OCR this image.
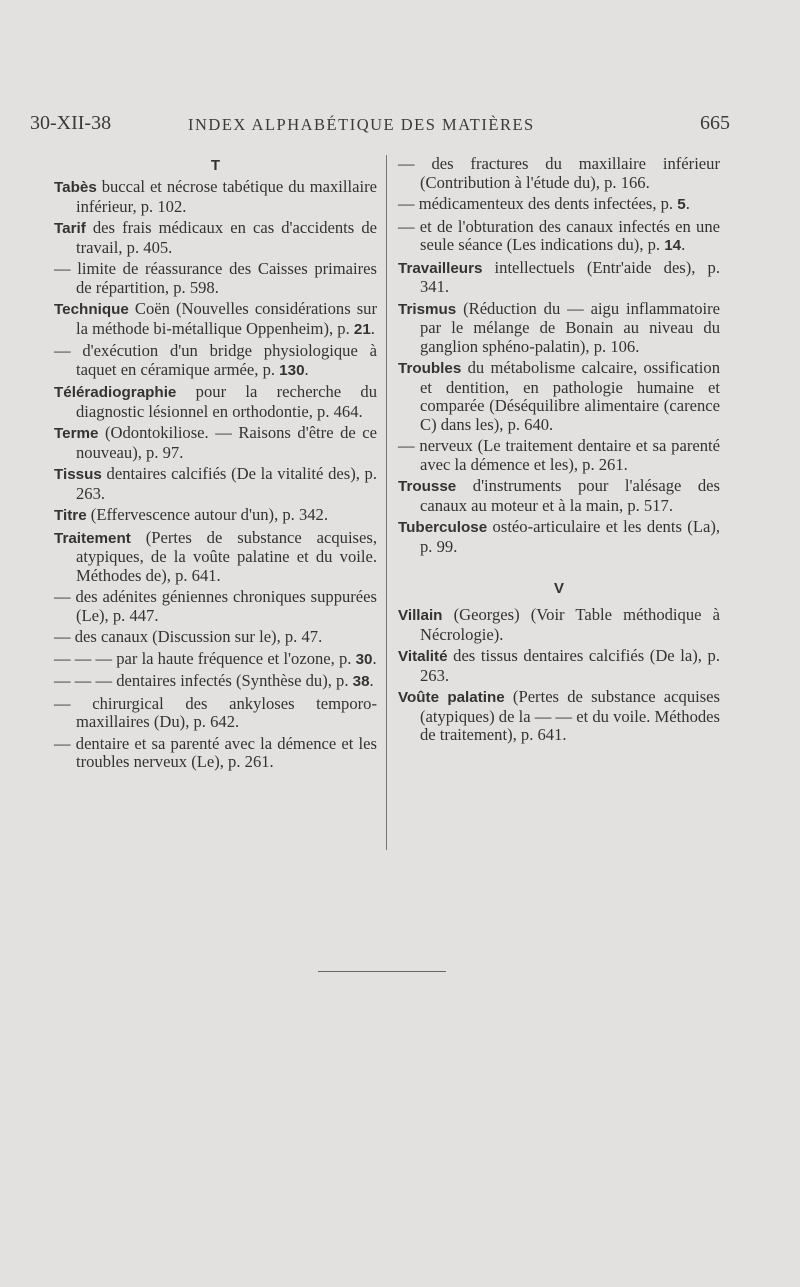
30-XII-38	INDEX ALPHABÉTIQUE DES MATIÈRES	665
T

Tabès buccal et nécrose tabétique du maxillaire inférieur, p. 102.

Tarif des frais médicaux en cas d'accidents de travail, p. 405.

— limite de réassurance des Caisses primaires de répartition, p. 598.

Technique Coën (Nouvelles considérations sur la méthode bi-métallique Oppenheim), p. 21.

— d'exécution d'un bridge physiologique à taquet en céramique armée, p. 130.

Téléradiographie pour la recherche du diagnostic lésionnel en orthodontie, p. 464.

Terme (Odontokiliose. — Raisons d'être de ce nouveau), p. 97.

Tissus dentaires calcifiés (De la vitalité des), p. 263.

Titre (Effervescence autour d'un), p. 342.

Traitement (Pertes de substance acquises, atypiques, de la voûte palatine et du voile. Méthodes de), p. 641.

— des adénites géniennes chroniques suppurées (Le), p. 447.

— des canaux (Discussion sur le), p. 47.

— — — par la haute fréquence et l'ozone, p. 30.

— — — dentaires infectés (Synthèse du), p. 38.

— chirurgical des ankyloses temporo-maxillaires (Du), p. 642.

— dentaire et sa parenté avec la démence et les troubles nerveux (Le), p. 261.

— des fractures du maxillaire inférieur (Contribution à l'étude du), p. 166.

— médicamenteux des dents infectées, p. 5.

— et de l'obturation des canaux infectés en une seule séance (Les indications du), p. 14.

Travailleurs intellectuels (Entr'aide des), p. 341.

Trismus (Réduction du — aigu inflammatoire par le mélange de Bonain au niveau du ganglion sphéno-palatin), p. 106.

Troubles du métabolisme calcaire, ossification et dentition, en pathologie humaine et comparée (Déséquilibre alimentaire (carence C) dans les), p. 640.

— nerveux (Le traitement dentaire et sa parenté avec la démence et les), p. 261.

Trousse d'instruments pour l'alésage des canaux au moteur et à la main, p. 517.

Tuberculose ostéo-articulaire et les dents (La), p. 99.

V

Villain (Georges) (Voir Table méthodique à Nécrologie).

Vitalité des tissus dentaires calcifiés (De la), p. 263.

Voûte palatine (Pertes de substance acquises (atypiques) de la — — et du voile. Méthodes de traitement), p. 641.
